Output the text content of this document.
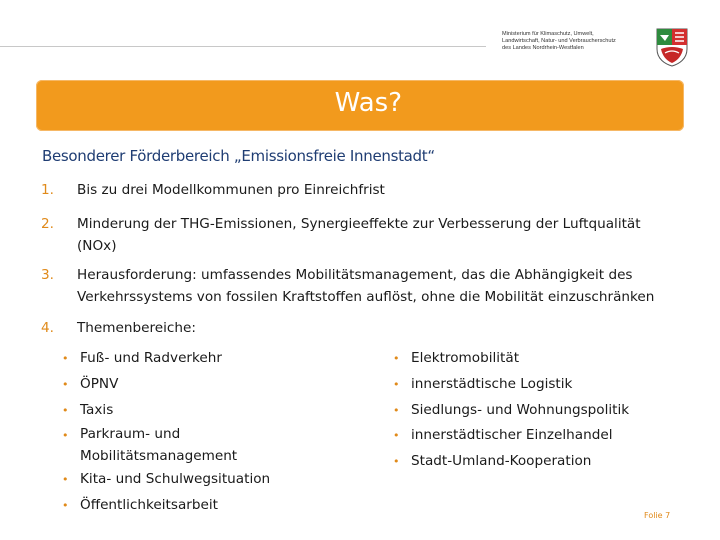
Ministerium für Klimaschutz, Umwelt,
Landwirtschaft, Natur- und Verbraucherschutz
des Landes Nordrhein-Westfalen
Was?
Besonderer Förderbereich „Emissionsfreie Innenstadt“
1. Bis zu drei Modellkommunen pro Einreichfrist
2. Minderung der THG-Emissionen, Synergieeffekte zur Verbesserung der Luftqualität
(NOx)
3. Herausforderung: umfassendes Mobilitätsmanagement, das die Abhängigkeit des
Verkehrssystems von fossilen Kraftstoffen auflöst, ohne die Mobilität einzuschränken
4. Themenbereiche:
• Fuß- und Radverkehr
• ÖPNV
• Taxis
• Parkraum- und
Mobilitätsmanagement
• Kita- und Schulwegsituation
• Öffentlichkeitsarbeit
• Elektromobilität
• innerstädtische Logistik
• Siedlungs- und Wohnungspolitik
• innerstädtischer Einzelhandel
• Stadt-Umland-Kooperation
Folie 7
